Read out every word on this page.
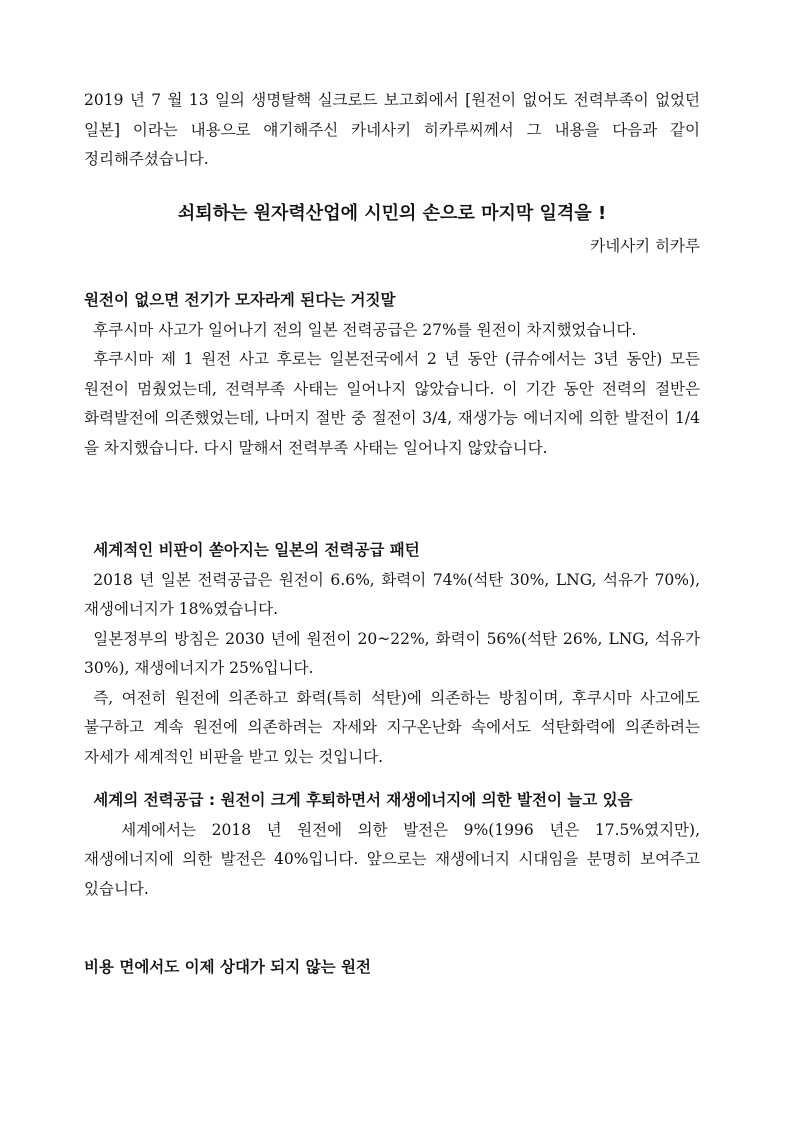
2019 년 7 월 13 일의 생명탈핵 실크로드 보고회에서 [원전이 없어도 전력부족이 없었던 일본] 이라는 내용으로 얘기해주신 카네사키 히카루씨께서 그 내용을 다음과 같이 정리해주셨습니다.

쇠퇴하는 원자력산업에 시민의 손으로 마지막 일격을 !

카네사키 히카루

원전이 없으면 전기가 모자라게 된다는 거짓말

후쿠시마 사고가 일어나기 전의 일본 전력공급은 27%를 원전이 차지했었습니다.

후쿠시마 제 1 원전 사고 후로는 일본전국에서 2 년 동안 (큐슈에서는 3년 동안) 모든 원전이 멈췄었는데, 전력부족 사태는 일어나지 않았습니다. 이 기간 동안 전력의 절반은 화력발전에 의존했었는데, 나머지 절반 중 절전이 3/4, 재생가능 에너지에 의한 발전이 1/4 을 차지했습니다. 다시 말해서 전력부족 사태는 일어나지 않았습니다.

세계적인 비판이 쏟아지는 일본의 전력공급 패턴

2018 년 일본 전력공급은 원전이 6.6%, 화력이 74%(석탄 30%, LNG, 석유가 70%), 재생에너지가 18%였습니다.

일본정부의 방침은 2030 년에 원전이 20~22%, 화력이 56%(석탄 26%, LNG, 석유가 30%), 재생에너지가 25%입니다.

즉, 여전히 원전에 의존하고 화력(특히 석탄)에 의존하는 방침이며, 후쿠시마 사고에도 불구하고 계속 원전에 의존하려는 자세와 지구온난화 속에서도 석탄화력에 의존하려는 자세가 세계적인 비판을 받고 있는 것입니다.

세계의 전력공급 : 원전이 크게 후퇴하면서 재생에너지에 의한 발전이 늘고 있음

세계에서는 2018 년 원전에 의한 발전은 9%(1996 년은 17.5%였지만), 재생에너지에 의한 발전은 40%입니다. 앞으로는 재생에너지 시대임을 분명히 보여주고 있습니다.

비용 면에서도 이제 상대가 되지 않는 원전
